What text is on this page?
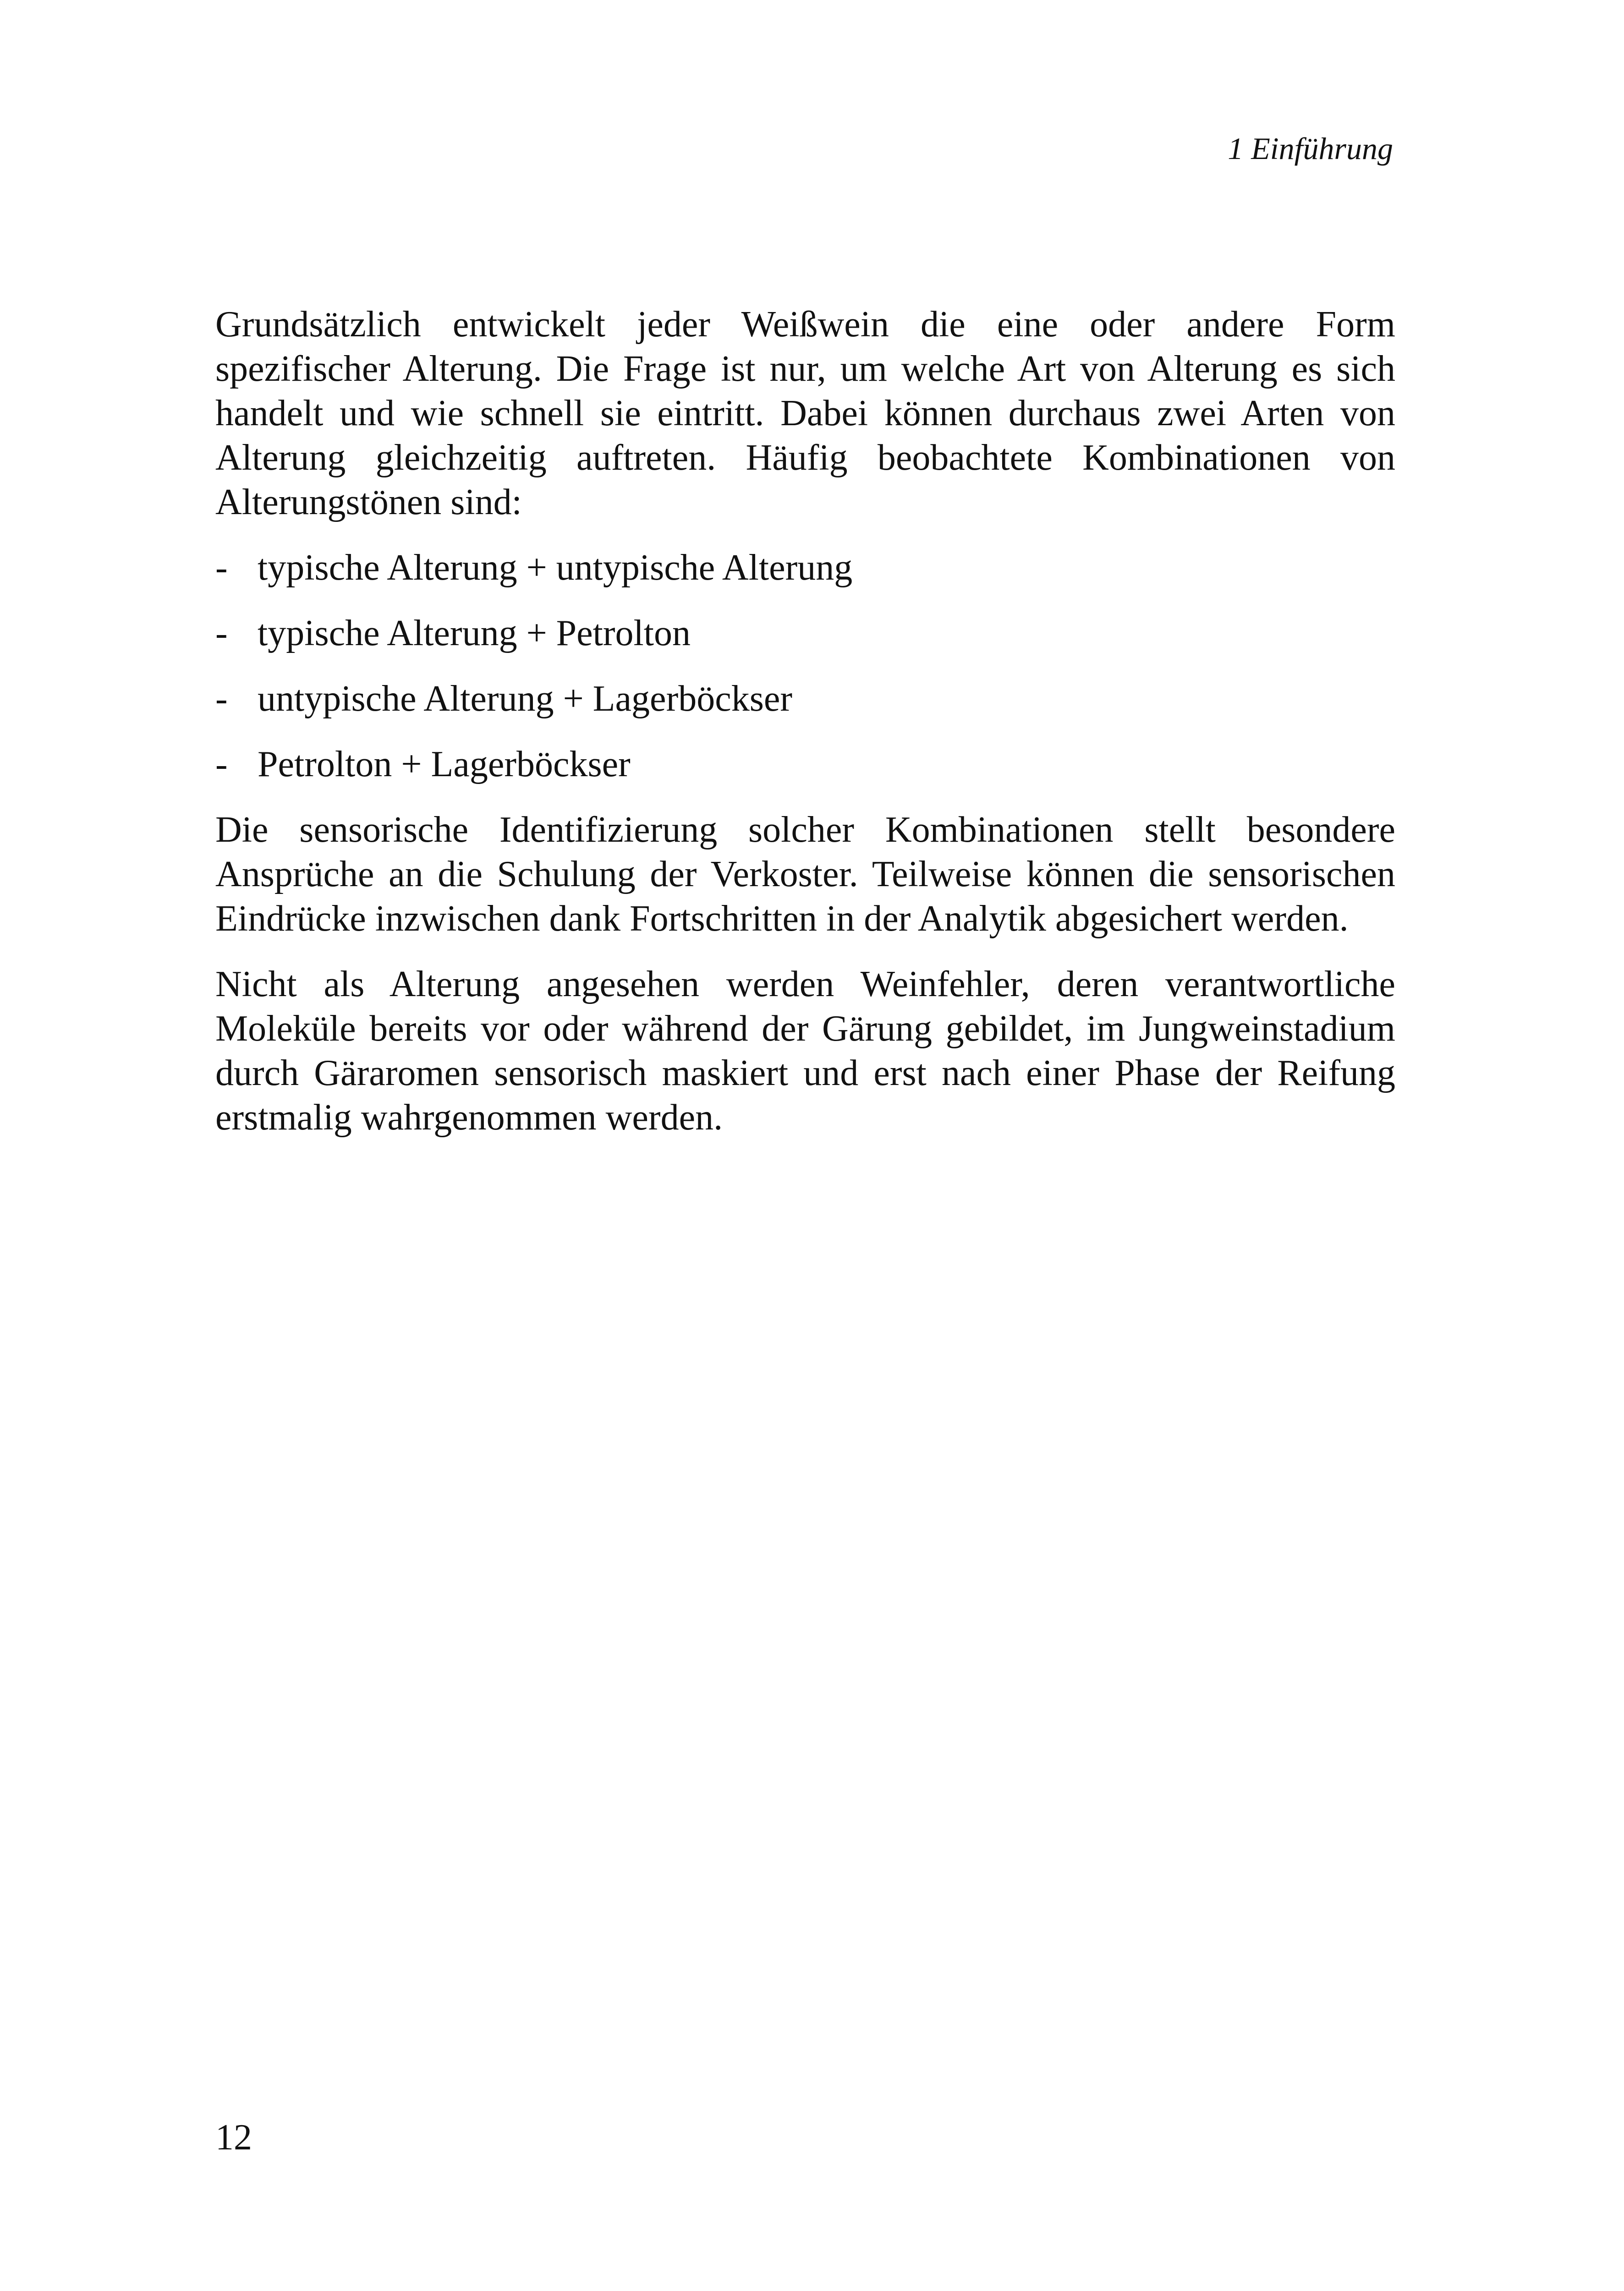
1 Einführung

Grundsätzlich entwickelt jeder Weißwein die eine oder andere Form spezifischer Alterung. Die Frage ist nur, um welche Art von Alterung es sich handelt und wie schnell sie eintritt. Dabei können durchaus zwei Arten von Alterung gleichzeitig auftreten. Häufig beobachtete Kombinationen von Alterungstönen sind:

- typische Alterung + untypische Alterung
- typische Alterung + Petrolton
- untypische Alterung + Lagerböckser
- Petrolton + Lagerböckser

Die sensorische Identifizierung solcher Kombinationen stellt besondere Ansprüche an die Schulung der Verkoster. Teilweise können die sensorischen Eindrücke inzwischen dank Fortschritten in der Analytik abgesichert werden.

Nicht als Alterung angesehen werden Weinfehler, deren verantwortliche Moleküle bereits vor oder während der Gärung gebildet, im Jungweinstadium durch Gäraromen sensorisch maskiert und erst nach einer Phase der Reifung erstmalig wahrgenommen werden.

12
